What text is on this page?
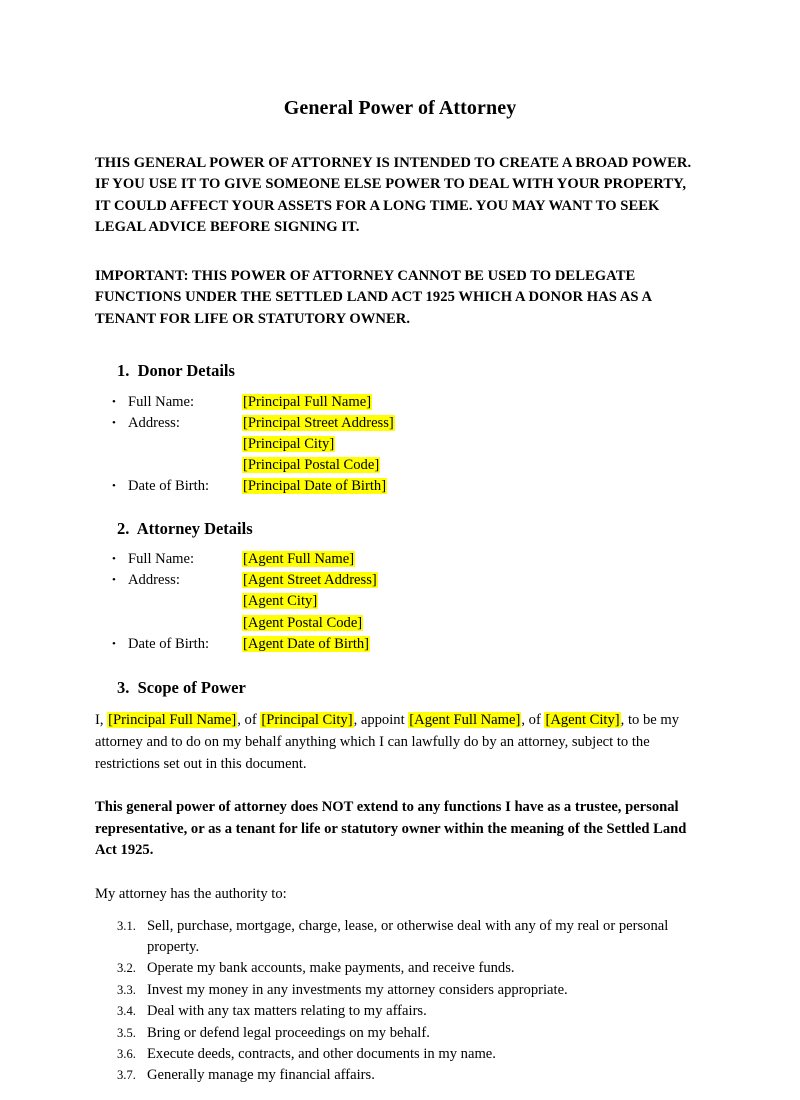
General Power of Attorney

THIS GENERAL POWER OF ATTORNEY IS INTENDED TO CREATE A BROAD POWER. IF YOU USE IT TO GIVE SOMEONE ELSE POWER TO DEAL WITH YOUR PROPERTY, IT COULD AFFECT YOUR ASSETS FOR A LONG TIME. YOU MAY WANT TO SEEK LEGAL ADVICE BEFORE SIGNING IT.

IMPORTANT: THIS POWER OF ATTORNEY CANNOT BE USED TO DELEGATE FUNCTIONS UNDER THE SETTLED LAND ACT 1925 WHICH A DONOR HAS AS A TENANT FOR LIFE OR STATUTORY OWNER.

1. Donor Details
• Full Name:	[Principal Full Name]
• Address:	[Principal Street Address]
[Principal City]
[Principal Postal Code]
• Date of Birth:	[Principal Date of Birth]
2. Attorney Details
• Full Name:	[Agent Full Name]
• Address:	[Agent Street Address]
[Agent City]
[Agent Postal Code]
• Date of Birth:	[Agent Date of Birth]
3. Scope of Power

I, [Principal Full Name], of [Principal City], appoint [Agent Full Name], of [Agent City], to be my attorney and to do on my behalf anything which I can lawfully do by an attorney, subject to the restrictions set out in this document.

This general power of attorney does NOT extend to any functions I have as a trustee, personal representative, or as a tenant for life or statutory owner within the meaning of the Settled Land Act 1925.

My attorney has the authority to:

3.1. Sell, purchase, mortgage, charge, lease, or otherwise deal with any of my real or personal property.
3.2. Operate my bank accounts, make payments, and receive funds.
3.3. Invest my money in any investments my attorney considers appropriate.
3.4. Deal with any tax matters relating to my affairs.
3.5. Bring or defend legal proceedings on my behalf.
3.6. Execute deeds, contracts, and other documents in my name.
3.7. Generally manage my financial affairs.
